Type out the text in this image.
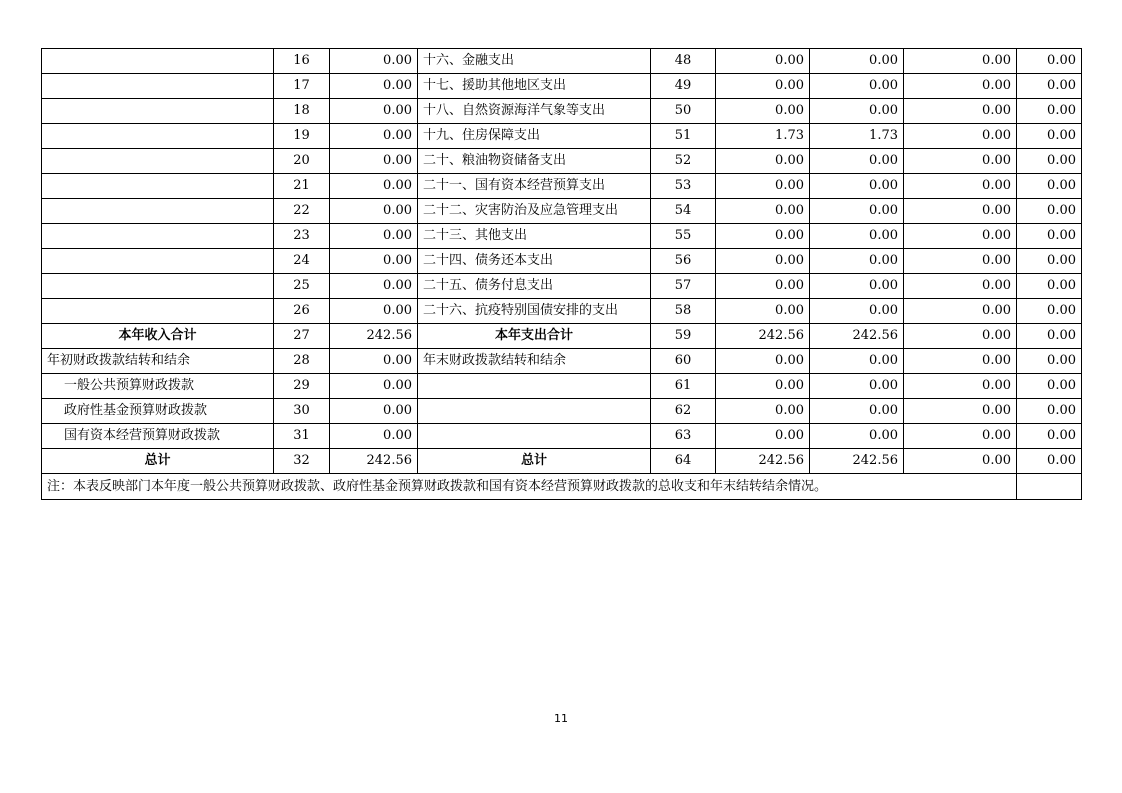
	16	0.00	十六、金融支出	48	0.00	0.00	0.00	0.00
	17	0.00	十七、援助其他地区支出	49	0.00	0.00	0.00	0.00
	18	0.00	十八、自然资源海洋气象等支出	50	0.00	0.00	0.00	0.00
	19	0.00	十九、住房保障支出	51	1.73	1.73	0.00	0.00
	20	0.00	二十、粮油物资储备支出	52	0.00	0.00	0.00	0.00
	21	0.00	二十一、国有资本经营预算支出	53	0.00	0.00	0.00	0.00
	22	0.00	二十二、灾害防治及应急管理支出	54	0.00	0.00	0.00	0.00
	23	0.00	二十三、其他支出	55	0.00	0.00	0.00	0.00
	24	0.00	二十四、债务还本支出	56	0.00	0.00	0.00	0.00
	25	0.00	二十五、债务付息支出	57	0.00	0.00	0.00	0.00
	26	0.00	二十六、抗疫特别国债安排的支出	58	0.00	0.00	0.00	0.00
本年收入合计	27	242.56	本年支出合计	59	242.56	242.56	0.00	0.00
年初财政拨款结转和结余	28	0.00	年末财政拨款结转和结余	60	0.00	0.00	0.00	0.00
一般公共预算财政拨款	29	0.00		61	0.00	0.00	0.00	0.00
政府性基金预算财政拨款	30	0.00		62	0.00	0.00	0.00	0.00
国有资本经营预算财政拨款	31	0.00		63	0.00	0.00	0.00	0.00
总计	32	242.56	总计	64	242.56	242.56	0.00	0.00
注：本表反映部门本年度一般公共预算财政拨款、政府性基金预算财政拨款和国有资本经营预算财政拨款的总收支和年末结转结余情况。								
11
